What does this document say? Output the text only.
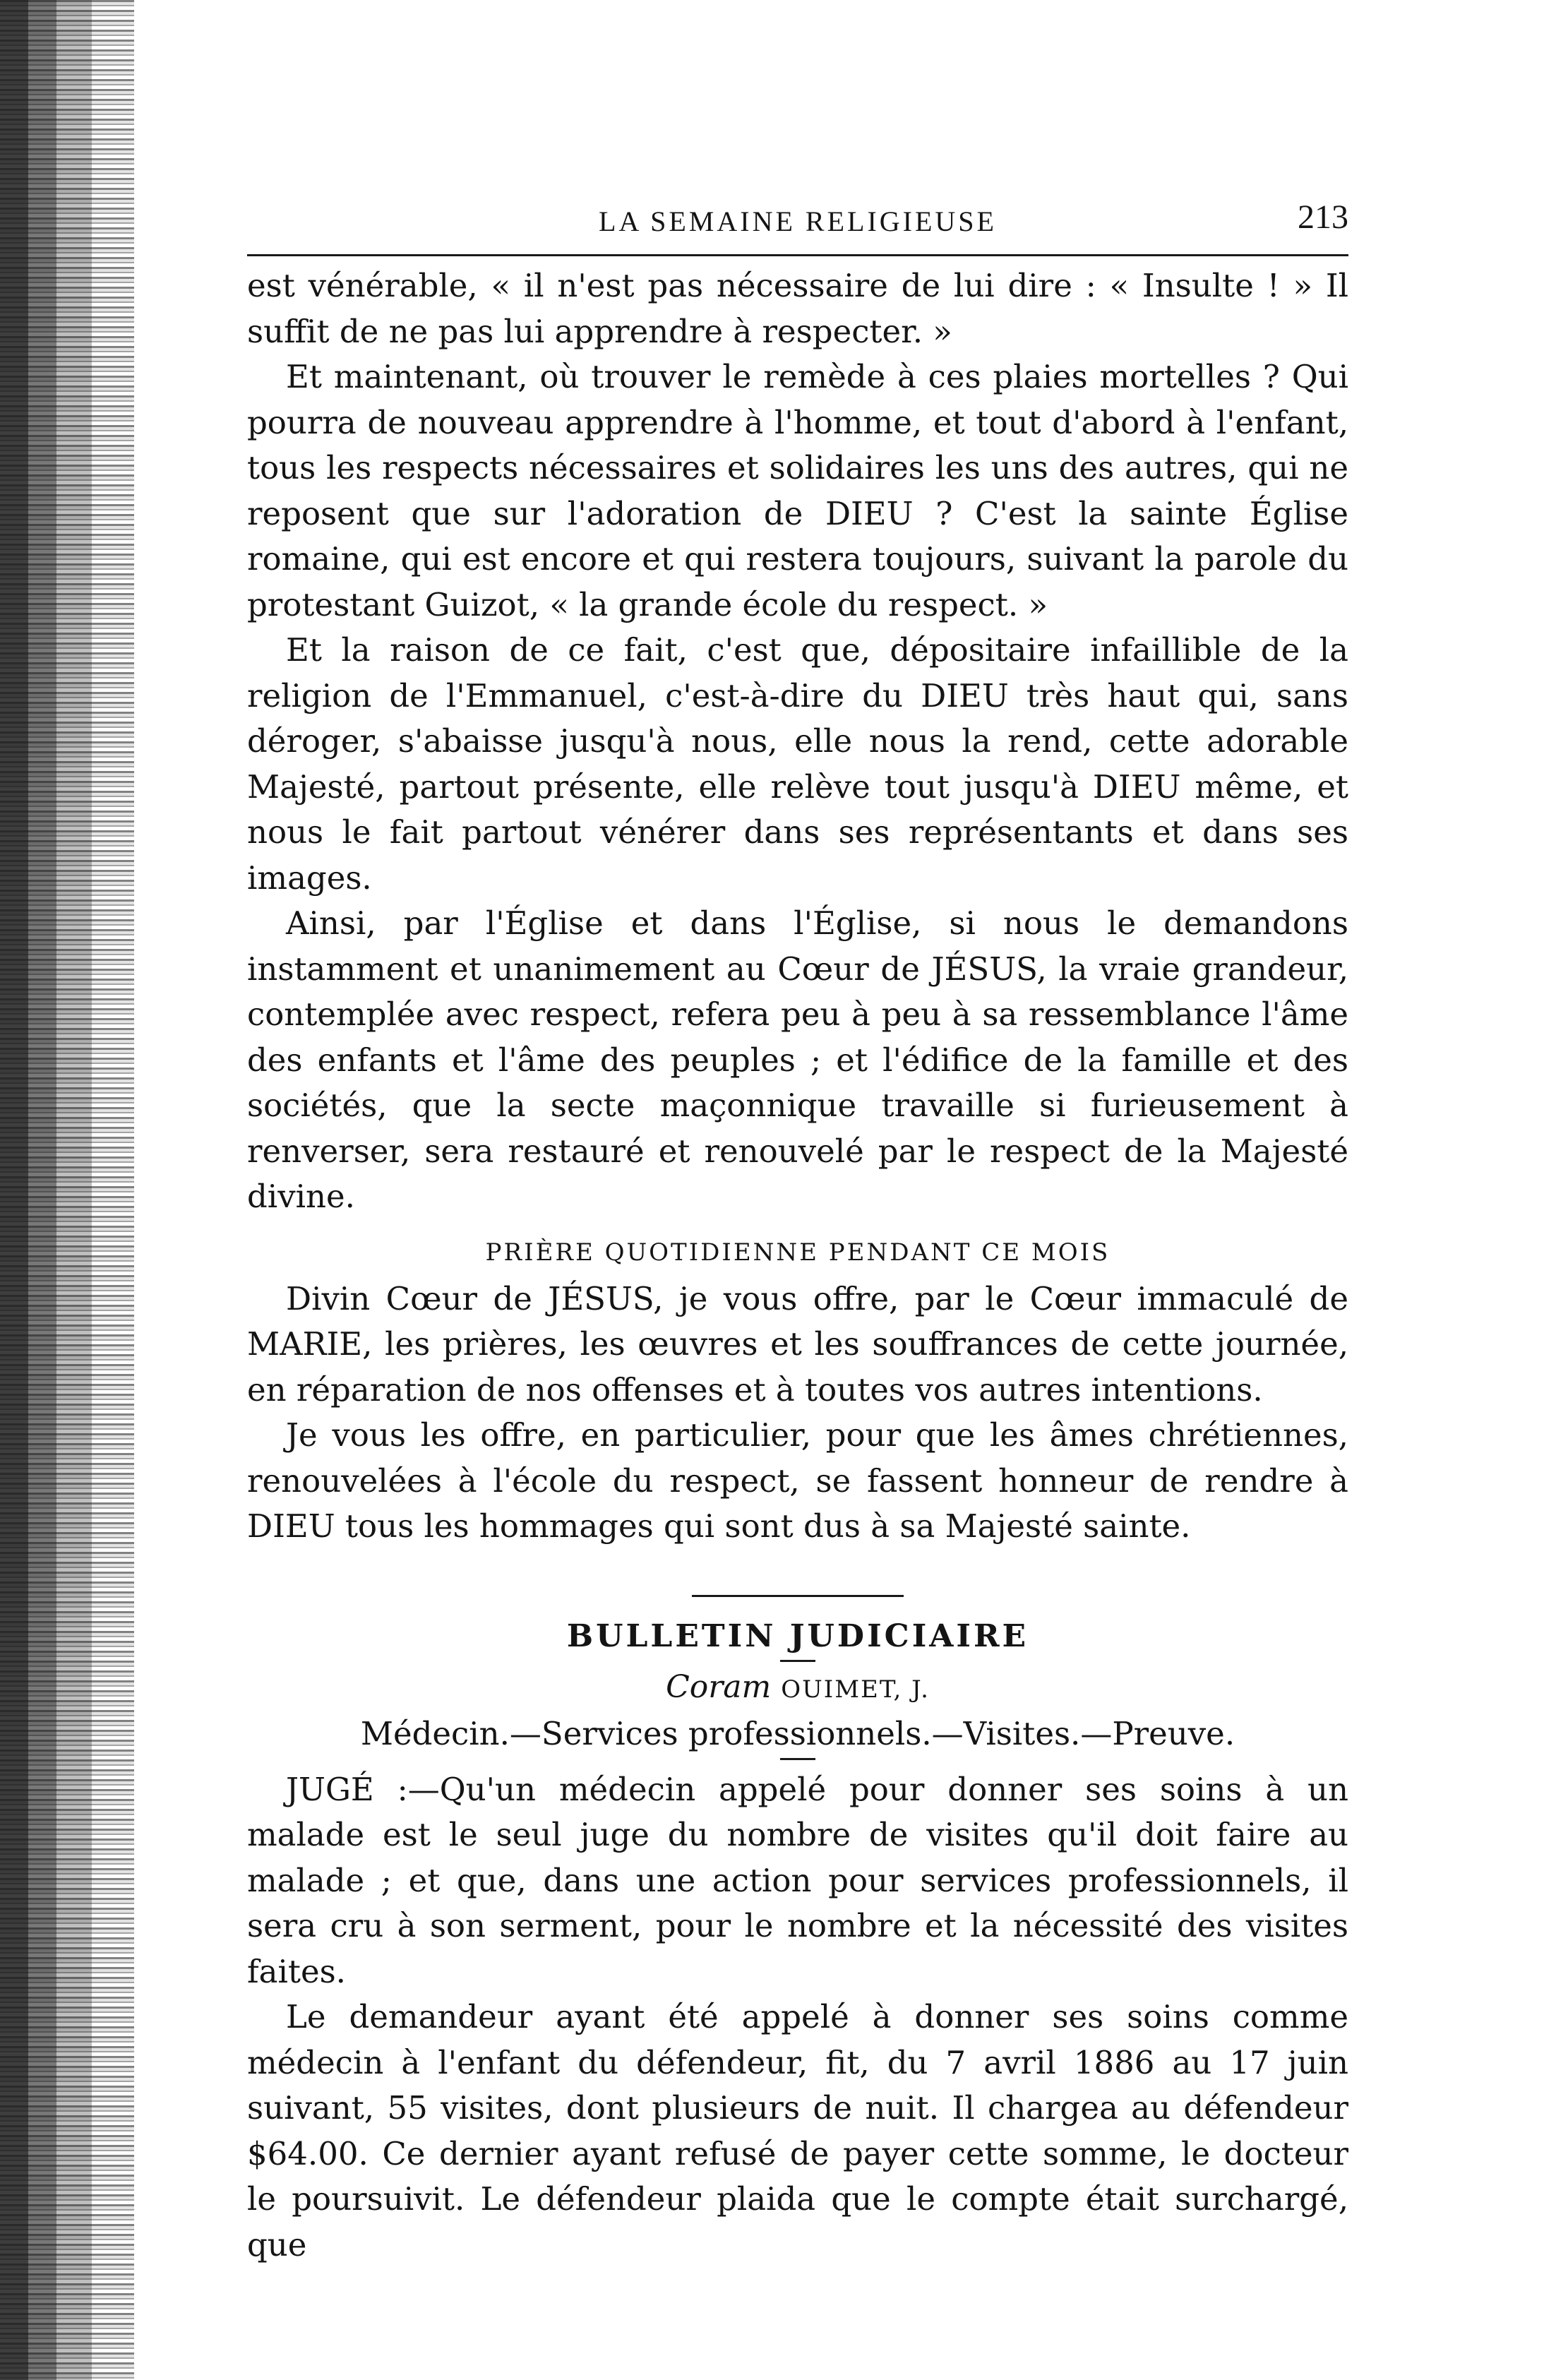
LA SEMAINE RELIGIEUSE	213

est vénérable, « il n'est pas nécessaire de lui dire : « Insulte ! » Il suffit de ne pas lui apprendre à respecter. »

Et maintenant, où trouver le remède à ces plaies mortelles ? Qui pourra de nouveau apprendre à l'homme, et tout d'abord à l'enfant, tous les respects nécessaires et solidaires les uns des autres, qui ne reposent que sur l'adoration de DIEU ? C'est la sainte Église romaine, qui est encore et qui restera toujours, suivant la parole du protestant Guizot, « la grande école du respect. »

Et la raison de ce fait, c'est que, dépositaire infaillible de la religion de l'Emmanuel, c'est-à-dire du DIEU très haut qui, sans déroger, s'abaisse jusqu'à nous, elle nous la rend, cette adorable Majesté, partout présente, elle relève tout jusqu'à DIEU même, et nous le fait partout vénérer dans ses représentants et dans ses images.

Ainsi, par l'Église et dans l'Église, si nous le demandons instamment et unanimement au Cœur de JÉSUS, la vraie grandeur, contemplée avec respect, refera peu à peu à sa ressemblance l'âme des enfants et l'âme des peuples ; et l'édifice de la famille et des sociétés, que la secte maçonnique travaille si furieusement à renverser, sera restauré et renouvelé par le respect de la Majesté divine.

PRIÈRE QUOTIDIENNE PENDANT CE MOIS

Divin Cœur de JÉSUS, je vous offre, par le Cœur immaculé de MARIE, les prières, les œuvres et les souffrances de cette journée, en réparation de nos offenses et à toutes vos autres intentions.

Je vous les offre, en particulier, pour que les âmes chrétiennes, renouvelées à l'école du respect, se fassent honneur de rendre à DIEU tous les hommages qui sont dus à sa Majesté sainte.

BULLETIN JUDICIAIRE
Coram OUIMET, J.
Médecin.—Services professionnels.—Visites.—Preuve.

JUGÉ :—Qu'un médecin appelé pour donner ses soins à un malade est le seul juge du nombre de visites qu'il doit faire au malade ; et que, dans une action pour services professionnels, il sera cru à son serment, pour le nombre et la nécessité des visites faites.

Le demandeur ayant été appelé à donner ses soins comme médecin à l'enfant du défendeur, fit, du 7 avril 1886 au 17 juin suivant, 55 visites, dont plusieurs de nuit. Il chargea au défendeur $64.00. Ce dernier ayant refusé de payer cette somme, le docteur le poursuivit. Le défendeur plaida que le compte était surchargé, que
